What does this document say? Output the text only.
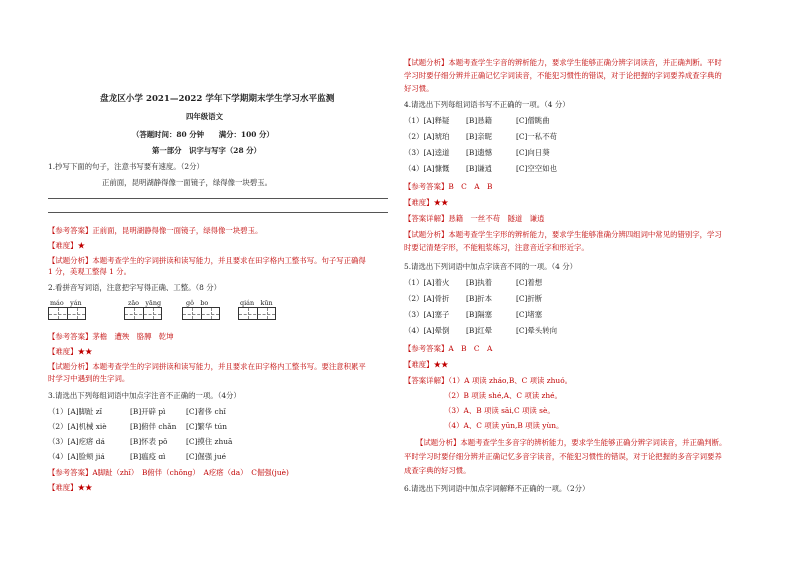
盘龙区小学 2021—2022 学年下学期期末学生学习水平监测
四年级语文
（答题时间：80 分钟　　满分：100 分）
第一部分　识字与写字（28 分）
1.抄写下面的句子，注意书写要有速度。（2分）
正前面，昆明湖静得像一面镜子，绿得像一块碧玉。
【参考答案】正前面，昆明湖静得像一面镜子，绿得像一块碧玉。
【难度】★
【试题分析】本题考查学生的字词拼读和读写能力，并且要求在田字格内工整书写。句子写正确得
1 分，美观工整得 1 分。
2.看拼音写词语，注意把字写得正确、工整。（8 分）
máo　yán	zāo　yāng	gǒ　bo	qián　kūn
【参考答案】茅檐　遭殃　胳膊　乾坤
【难度】★★
【试题分析】本题考查学生的字词拼读和读写能力，并且要求在田字格内工整书写。要注意积累平
时学习中遇到的生字词。
3.请选出下列每组词语中加点字注音不正确的一项。（4分）
（1）[A]脚趾 zǐ	[B]开辟 pì	[C]奢侈 chǐ
（2）[A]机械 xiè	[B]俯伴 chǎn [C]繁华 tún
（3）[A]疙瘩 dá	[B]怀表 pǒ [C]摸住 zhuā
（4）[A]脸颊 jiá	[B]瘟疫 ɑì	[C]倔强 jué
【参考答案】A脚趾（zhǐ）　B俯伴（chǒng）　A疙瘩（da）　C倔强(juè)
【难度】★★
【试题分析】本题考查学生字音的辨析能力，要求学生能够正确分辨字词读音，并正确判断。平时
学习时要仔细分辨并正确记忆字词读音，不能犯习惯性的错误，对于论把握的字词要养成查字典的
好习惯。
4.请选出下列每组词语书写不正确的一项。（4 分）
（1）[A]释疑 [B]恳籍	[C]僧眺曲
（2）[A]琥珀 [B]亲昵	[C]一私不苟
（3）[A]逵道 [B]遗憾	[C]向日葵
（4）[A]慷慨 [B]谦逍	[C]空空如也
【参考答案】B　C　A　B
【难度】★★
【答案详解】恳籍　一丝不苟　隧道　谦逍
【试题分析】本题考查学生字形的辨析能力，要求学生能够准确分辨四组词中常见的错别字，学习
时要记清楚字形，不能粗浆练习，注意音近字和形近字。
5.请选出下列词语中加点字读音不同的一项。（4 分）
（1）[A]着火 [B]执着	[C]着想
（2）[A]骨折 [B]折本	[C]折断
（3）[A]塞子 [B]隔塞	[C]堵塞
（4）[A]晕倒 [B]红晕	[C]晕头转向
【参考答案】A　B　C　A
【难度】★★
【答案详解】（1）A 项读 zháo,B、C 项读 zhuó。
（2）B 项读 shé,A、C 项读 zhé。
（3）A、B 项读 sāi,C 项读 sè。
（4）A、C 项读 yūn,B 项读 yùn。
【试题分析】本题考查学生多音字的辨析能力，要求学生能够正确分辨字词读音，并正确判断。
平时学习时要仔细分辨并正确记忆多音字读音，不能犯习惯性的错误，对于论把握的多音字词要养
成查字典的好习惯。
6.请选出下列词语中加点字词解释不正确的一项。（2分）
